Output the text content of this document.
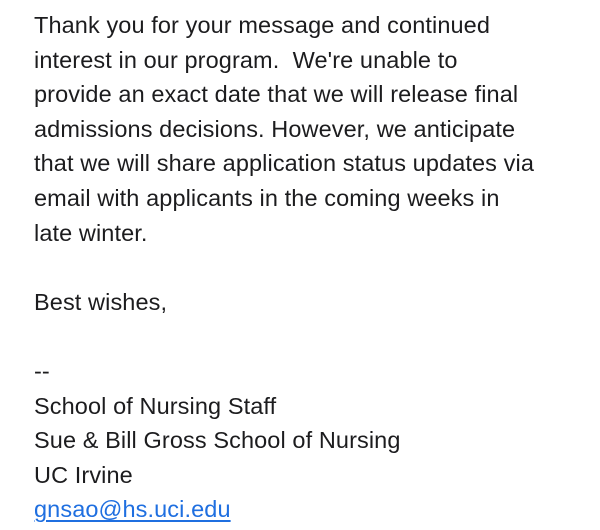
Thank you for your message and continued
interest in our program.  We're unable to
provide an exact date that we will release final
admissions decisions. However, we anticipate
that we will share application status updates via
email with applicants in the coming weeks in
late winter.
Best wishes,
--
School of Nursing Staff
Sue & Bill Gross School of Nursing
UC Irvine
gnsao@hs.uci.edu
